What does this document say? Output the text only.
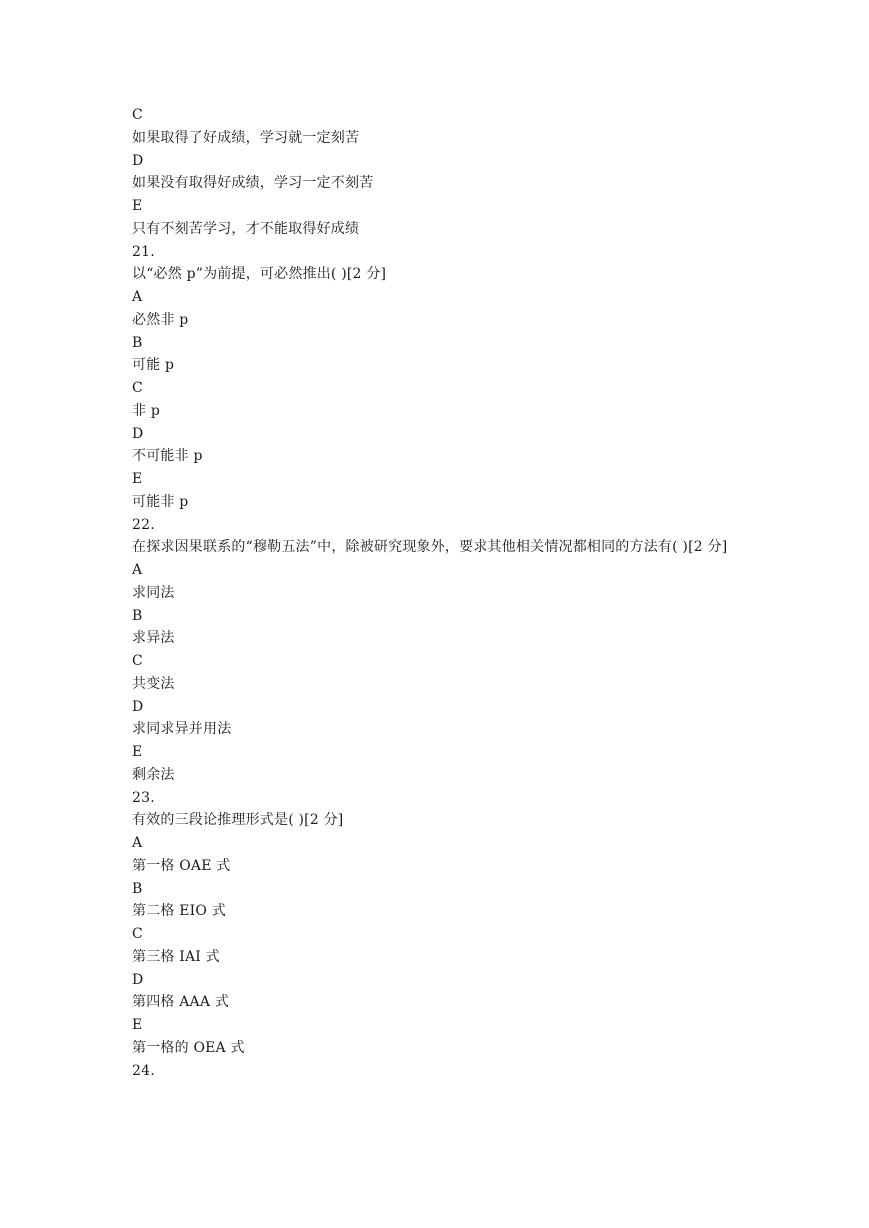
C
如果取得了好成绩，学习就一定刻苦
D
如果没有取得好成绩，学习一定不刻苦
E
只有不刻苦学习，才不能取得好成绩
21.
以“必然 p”为前提，可必然推出( )[2 分]
A
必然非 p
B
可能 p
C
非 p
D
不可能非 p
E
可能非 p
22.
在探求因果联系的“穆勒五法”中，除被研究现象外，要求其他相关情况都相同的方法有( )[2 分]
A
求同法
B
求异法
C
共变法
D
求同求异并用法
E
剩余法
23.
有效的三段论推理形式是( )[2 分]
A
第一格 OAE 式
B
第二格 EIO 式
C
第三格 IAI 式
D
第四格 AAA 式
E
第一格的 OEA 式
24.
